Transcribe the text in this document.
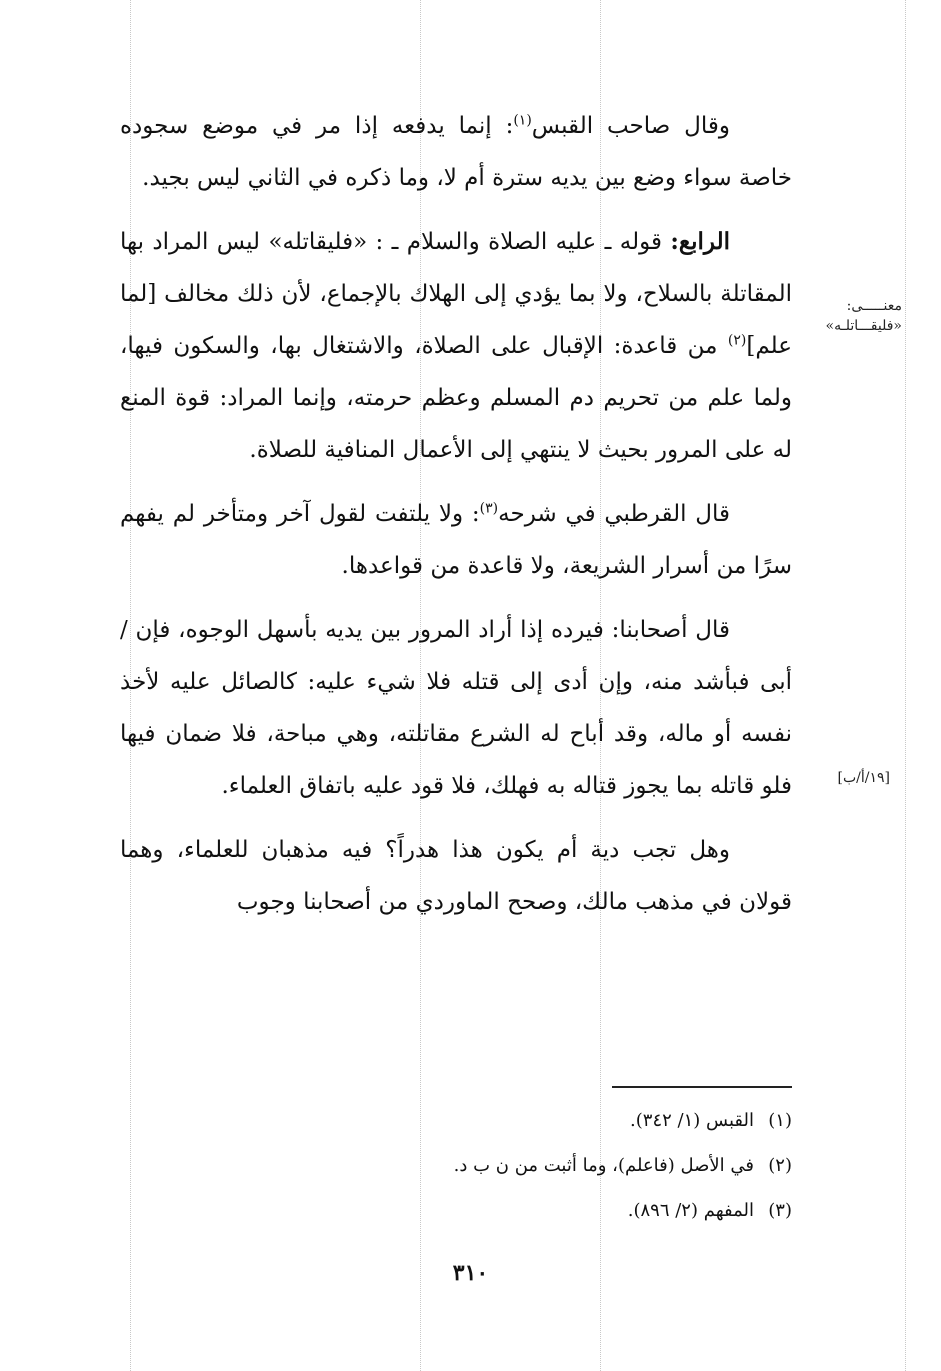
معنـــــى: «فليقـــاتلـه»
[١٩/أ/ب]

وقال صاحب القبس$^{(١)}$: إنما يدفعه إذا مر في موضع سجوده خاصة سواء وضع بين يديه سترة أم لا، وما ذكره في الثاني ليس بجيد.

الرابع: قوله ـ عليه الصلاة والسلام ـ : «فليقاتله» ليس المراد بها المقاتلة بالسلاح، ولا بما يؤدي إلى الهلاك بالإجماع، لأن ذلك مخالف [لما علم]$^{(٢)}$ من قاعدة: الإقبال على الصلاة، والاشتغال بها، والسكون فيها، ولما علم من تحريم دم المسلم وعظم حرمته، وإنما المراد: قوة المنع له على المرور بحيث لا ينتهي إلى الأعمال المنافية للصلاة.

قال القرطبي في شرحه$^{(٣)}$: ولا يلتفت لقول آخر ومتأخر لم يفهم سرًا من أسرار الشريعة، ولا قاعدة من قواعدها.

قال أصحابنا: فيرده إذا أراد المرور بين يديه بأسهل الوجوه، فإن / أبى فبأشد منه، وإن أدى إلى قتله فلا شيء عليه: كالصائل عليه لأخذ نفسه أو ماله، وقد أباح له الشرع مقاتلته، وهي مباحة، فلا ضمان فيها فلو قاتله بما يجوز قتاله به فهلك، فلا قود عليه باتفاق العلماء.

وهل تجب دية أم يكون هذا هدراً؟ فيه مذهبان للعلماء، وهما قولان في مذهب مالك، وصحح الماوردي من أصحابنا وجوب

(١)القبس (١/ ٣٤٢).
(٢)في الأصل (فاعلم)، وما أثبت من ن ب د.
(٣)المفهم (٢/ ٨٩٦).
٣١٠
